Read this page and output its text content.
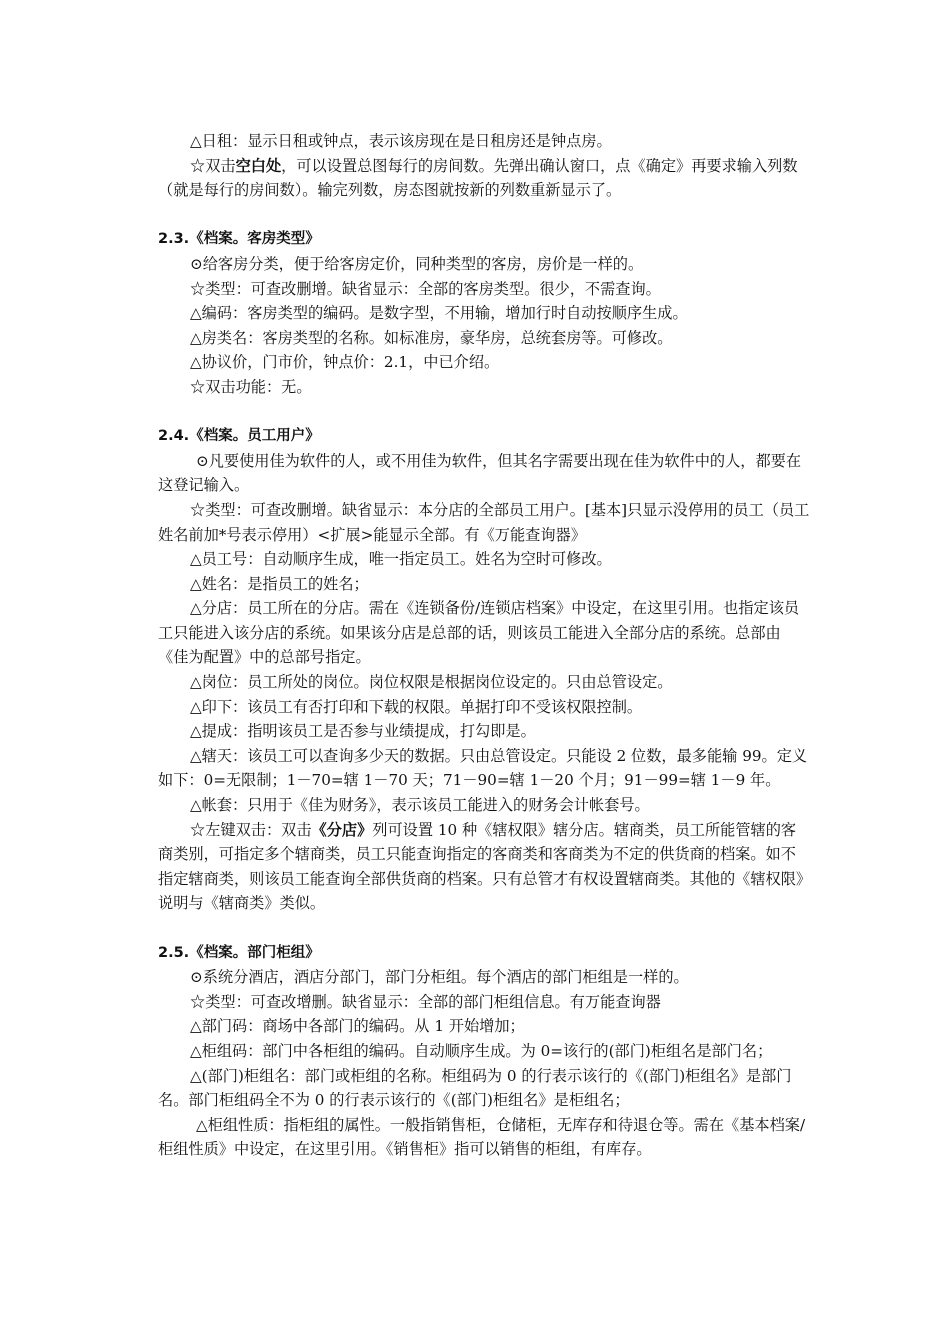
△日租：显示日租或钟点，表示该房现在是日租房还是钟点房。

☆双击空白处，可以设置总图每行的房间数。先弹出确认窗口，点《确定》再要求输入列数（就是每行的房间数）。输完列数，房态图就按新的列数重新显示了。

2.3.《档案。客房类型》

⊙给客房分类，便于给客房定价，同种类型的客房，房价是一样的。

☆类型：可查改删增。缺省显示：全部的客房类型。很少，不需查询。

△编码：客房类型的编码。是数字型，不用输，增加行时自动按顺序生成。

△房类名：客房类型的名称。如标准房，豪华房，总统套房等。可修改。

△协议价，门市价，钟点价：2.1，中已介绍。

☆双击功能：无。

2.4.《档案。员工用户》

⊙凡要使用佳为软件的人，或不用佳为软件，但其名字需要出现在佳为软件中的人，都要在这登记输入。

☆类型：可查改删增。缺省显示：本分店的全部员工用户。[基本]只显示没停用的员工（员工姓名前加*号表示停用）<扩展>能显示全部。有《万能查询器》

△员工号：自动顺序生成，唯一指定员工。姓名为空时可修改。

△姓名：是指员工的姓名；

△分店：员工所在的分店。需在《连锁备份/连锁店档案》中设定，在这里引用。也指定该员工只能进入该分店的系统。如果该分店是总部的话，则该员工能进入全部分店的系统。总部由《佳为配置》中的总部号指定。

△岗位：员工所处的岗位。岗位权限是根据岗位设定的。只由总管设定。

△印下：该员工有否打印和下载的权限。单据打印不受该权限控制。

△提成：指明该员工是否参与业绩提成，打勾即是。

△辖天：该员工可以查询多少天的数据。只由总管设定。只能设 2 位数，最多能输 99。定义如下：0=无限制；1－70=辖 1－70 天；71－90=辖 1－20 个月；91－99=辖 1－9 年。

△帐套：只用于《佳为财务》，表示该员工能进入的财务会计帐套号。

☆左键双击：双击《分店》列可设置 10 种《辖权限》辖分店。辖商类，员工所能管辖的客商类别，可指定多个辖商类，员工只能查询指定的客商类和客商类为不定的供货商的档案。如不指定辖商类，则该员工能查询全部供货商的档案。只有总管才有权设置辖商类。其他的《辖权限》说明与《辖商类》类似。

2.5.《档案。部门柜组》

⊙系统分酒店，酒店分部门，部门分柜组。每个酒店的部门柜组是一样的。

☆类型：可查改增删。缺省显示：全部的部门柜组信息。有万能查询器

△部门码：商场中各部门的编码。从 1 开始增加；

△柜组码：部门中各柜组的编码。自动顺序生成。为 0=该行的(部门)柜组名是部门名；

△(部门)柜组名：部门或柜组的名称。柜组码为 0 的行表示该行的《(部门)柜组名》是部门名。部门柜组码全不为 0 的行表示该行的《(部门)柜组名》是柜组名；

△柜组性质：指柜组的属性。一般指销售柜，仓储柜，无库存和待退仓等。需在《基本档案/柜组性质》中设定，在这里引用。《销售柜》指可以销售的柜组，有库存。
